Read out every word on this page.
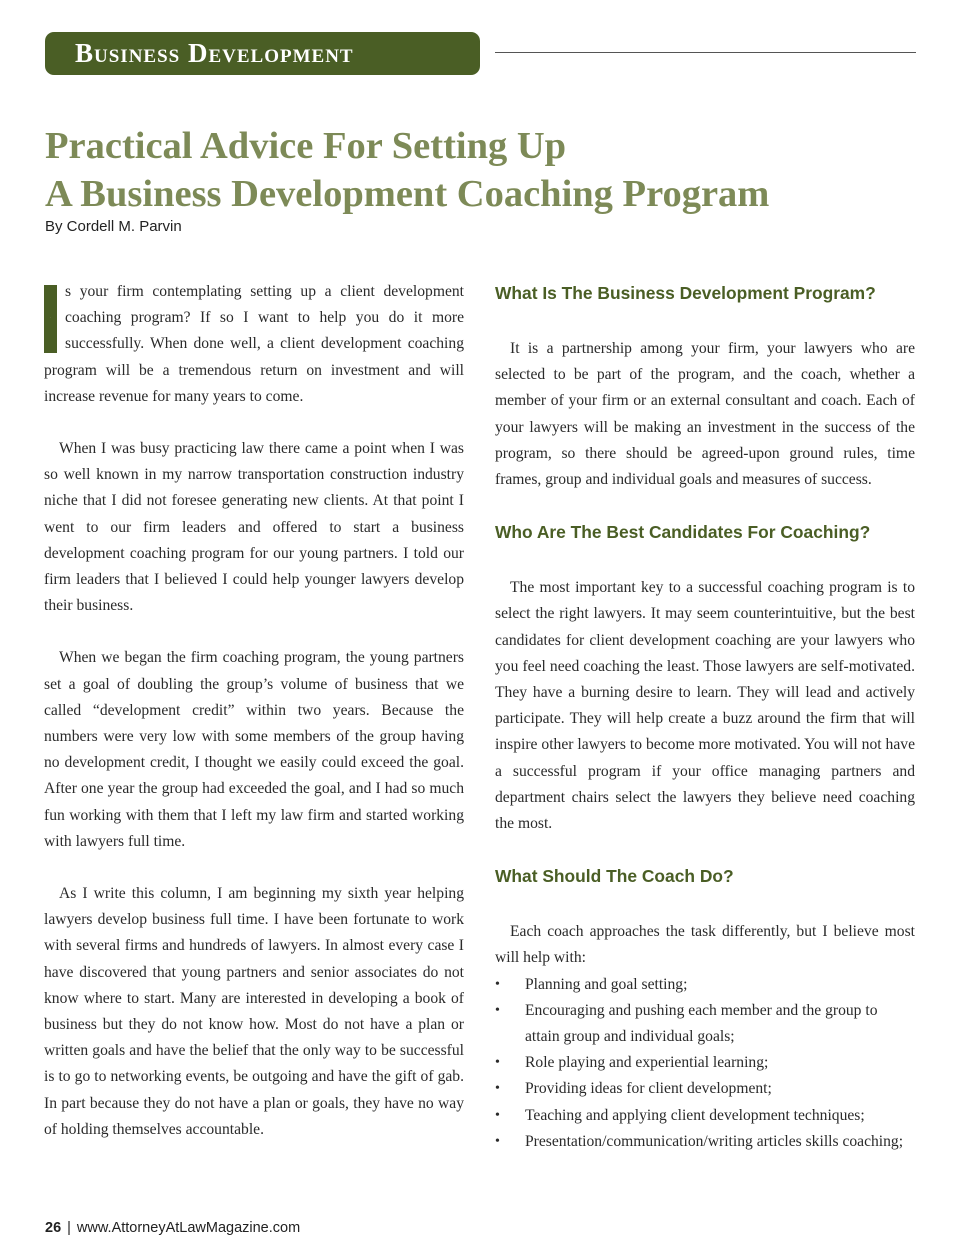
Business Development
Practical Advice For Setting Up
A Business Development Coaching Program

By Cordell M. Parvin

I
s your firm contemplating setting up a client development coaching program? If so I want to help you do it more successfully. When done well, a client development coaching program will be a tremendous return on investment and will increase revenue for many years to come.

When I was busy practicing law there came a point when I was so well known in my narrow transportation construction industry niche that I did not foresee generating new clients. At that point I went to our firm leaders and offered to start a business development coaching program for our young partners. I told our firm leaders that I believed I could help younger lawyers develop their business.

When we began the firm coaching program, the young partners set a goal of doubling the group’s volume of business that we called “development credit” within two years. Because the numbers were very low with some members of the group having no development credit, I thought we easily could exceed the goal. After one year the group had exceeded the goal, and I had so much fun working with them that I left my law firm and started working with lawyers full time.

As I write this column, I am beginning my sixth year helping lawyers develop business full time. I have been fortunate to work with several firms and hundreds of lawyers. In almost every case I have discovered that young partners and senior associates do not know where to start. Many are interested in developing a book of business but they do not know how. Most do not have a plan or written goals and have the belief that the only way to be successful is to go to networking events, be outgoing and have the gift of gab. In part because they do not have a plan or goals, they have no way of holding themselves accountable.

What Is The Business Development Program?

It is a partnership among your firm, your lawyers who are selected to be part of the program, and the coach, whether a member of your firm or an external consultant and coach. Each of your lawyers will be making an investment in the success of the program, so there should be agreed-upon ground rules, time frames, group and individual goals and measures of success.

Who Are The Best Candidates For Coaching?

The most important key to a successful coaching program is to select the right lawyers. It may seem counterintuitive, but the best candidates for client development coaching are your lawyers who you feel need coaching the least. Those lawyers are self-motivated. They have a burning desire to learn. They will lead and actively participate. They will help create a buzz around the firm that will inspire other lawyers to become more motivated. You will not have a successful program if your office managing partners and department chairs select the lawyers they believe need coaching the most.

What Should The Coach Do?

Each coach approaches the task differently, but I believe most will help with:

• Planning and goal setting;
• Encouraging and pushing each member and the group to attain group and individual goals;
• Role playing and experiential learning;
• Providing ideas for client development;
• Teaching and applying client development techniques;
• Presentation/communication/writing articles skills coaching;
26 | www.AttorneyAtLawMagazine.com
